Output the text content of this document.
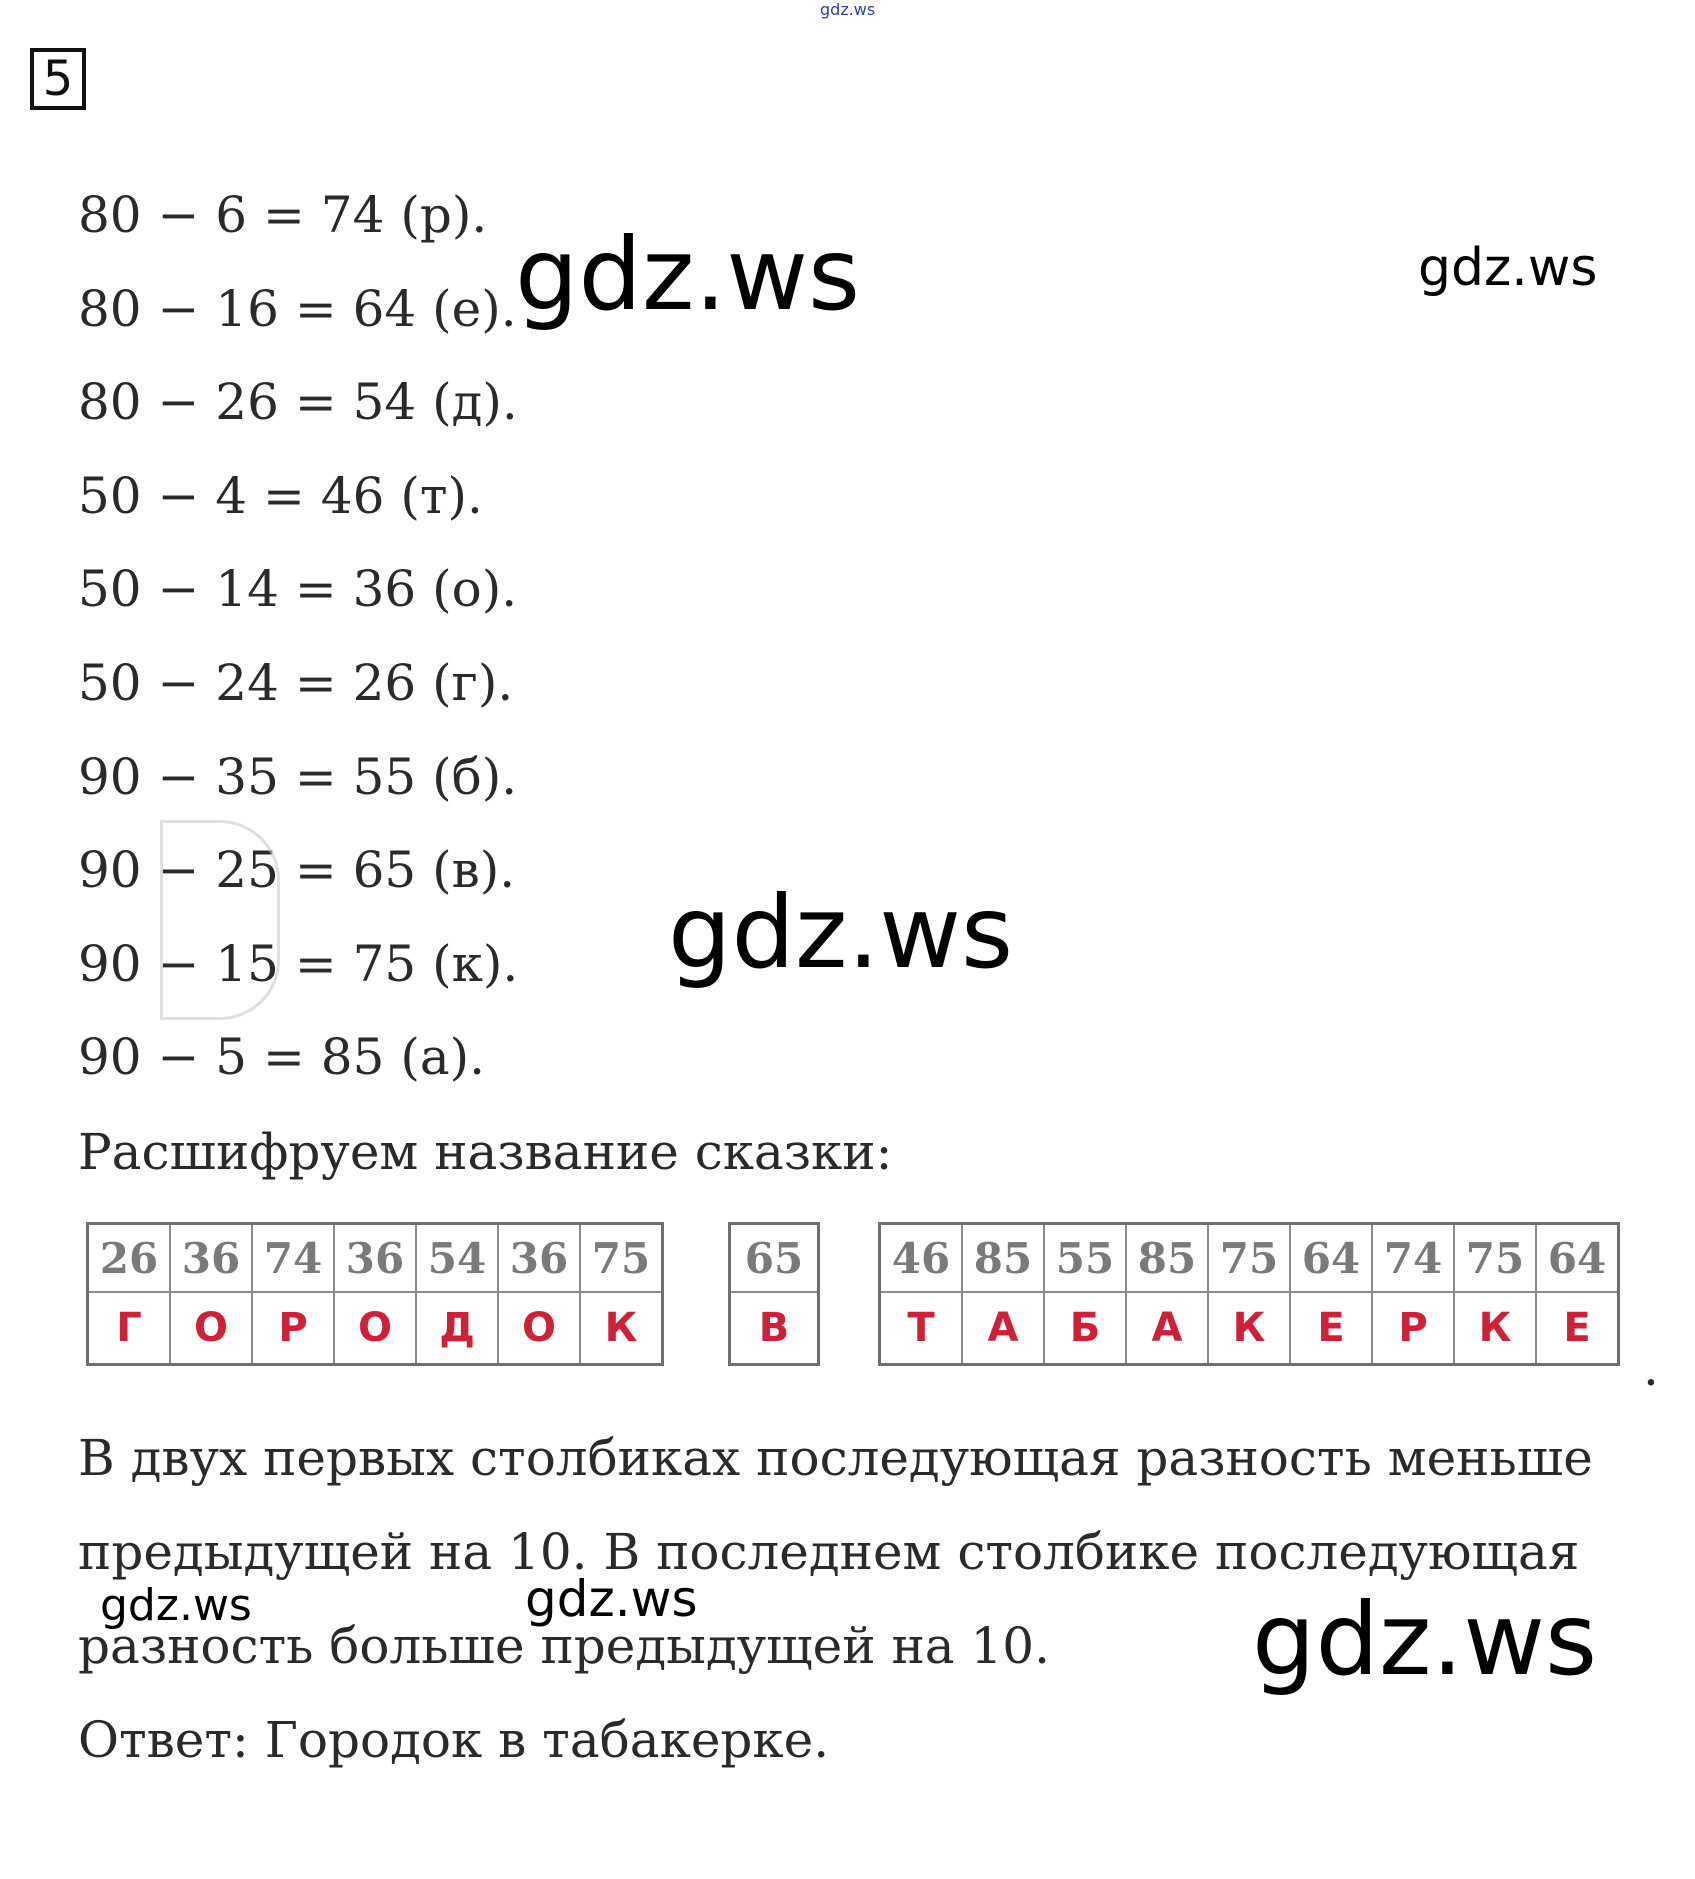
gdz.ws
5
80 − 6 = 74 (р).
80 − 16 = 64 (е).
80 − 26 = 54 (д).
50 − 4 = 46 (т).
50 − 14 = 36 (о).
50 − 24 = 26 (г).
90 − 35 = 55 (б).
90 − 25 = 65 (в).
90 − 15 = 75 (к).
90 − 5 = 85 (а).

Расшифруем название сказки:

26	36	74	36	54	36	75
Г	О	Р	О	Д	О	К
65
В
46	85	55	85	75	64	74	75	64
Т	А	Б	А	К	Е	Р	К	Е
.

В двух первых столбиках последующая разность меньше

предыдущей на 10. В последнем столбике последующая

разность больше предыдущей на 10.

Ответ: Городок в табакерке.

gdz.ws	gdz.ws
gdz.ws
gdz.ws	gdz.ws	gdz.ws
